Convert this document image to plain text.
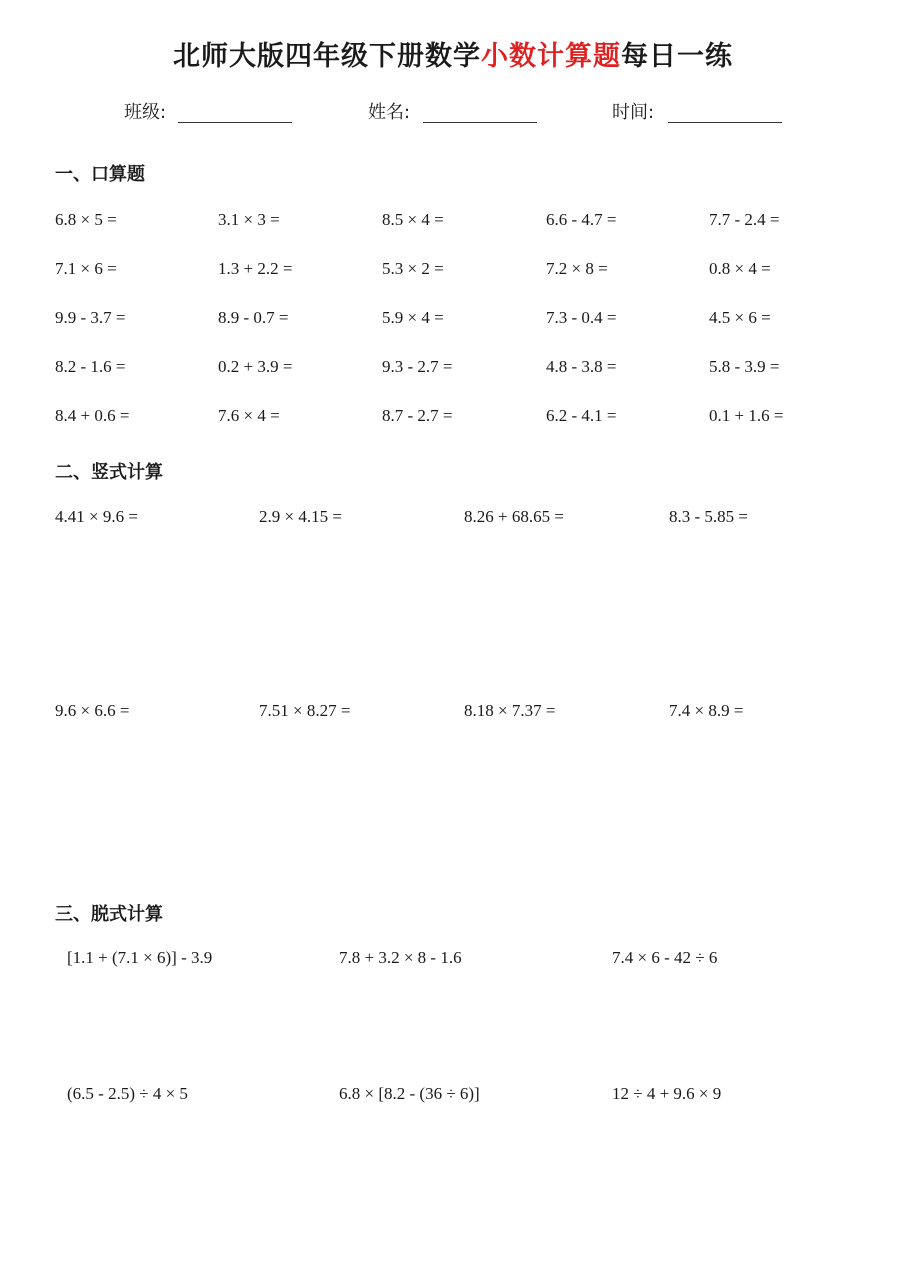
北师大版四年级下册数学小数计算题每日一练
班级:	姓名:	时间:
一、口算题
6.8 × 5 =	3.1 × 3 =	8.5 × 4 =	6.6 - 4.7 =	7.7 - 2.4 =
7.1 × 6 =	1.3 + 2.2 =	5.3 × 2 =	7.2 × 8 =	0.8 × 4 =
9.9 - 3.7 =	8.9 - 0.7 =	5.9 × 4 =	7.3 - 0.4 =	4.5 × 6 =
8.2 - 1.6 =	0.2 + 3.9 =	9.3 - 2.7 =	4.8 - 3.8 =	5.8 - 3.9 =
8.4 + 0.6 =	7.6 × 4 =	8.7 - 2.7 =	6.2 - 4.1 =	0.1 + 1.6 =
二、竖式计算
4.41 × 9.6 =	2.9 × 4.15 =	8.26 + 68.65 =	8.3 - 5.85 =
9.6 × 6.6 =	7.51 × 8.27 =	8.18 × 7.37 =	7.4 × 8.9 =
三、脱式计算
[1.1 + (7.1 × 6)] - 3.9	7.8 + 3.2 × 8 - 1.6	7.4 × 6 - 42 ÷ 6
(6.5 - 2.5) ÷ 4 × 5	6.8 × [8.2 - (36 ÷ 6)]	12 ÷ 4 + 9.6 × 9
